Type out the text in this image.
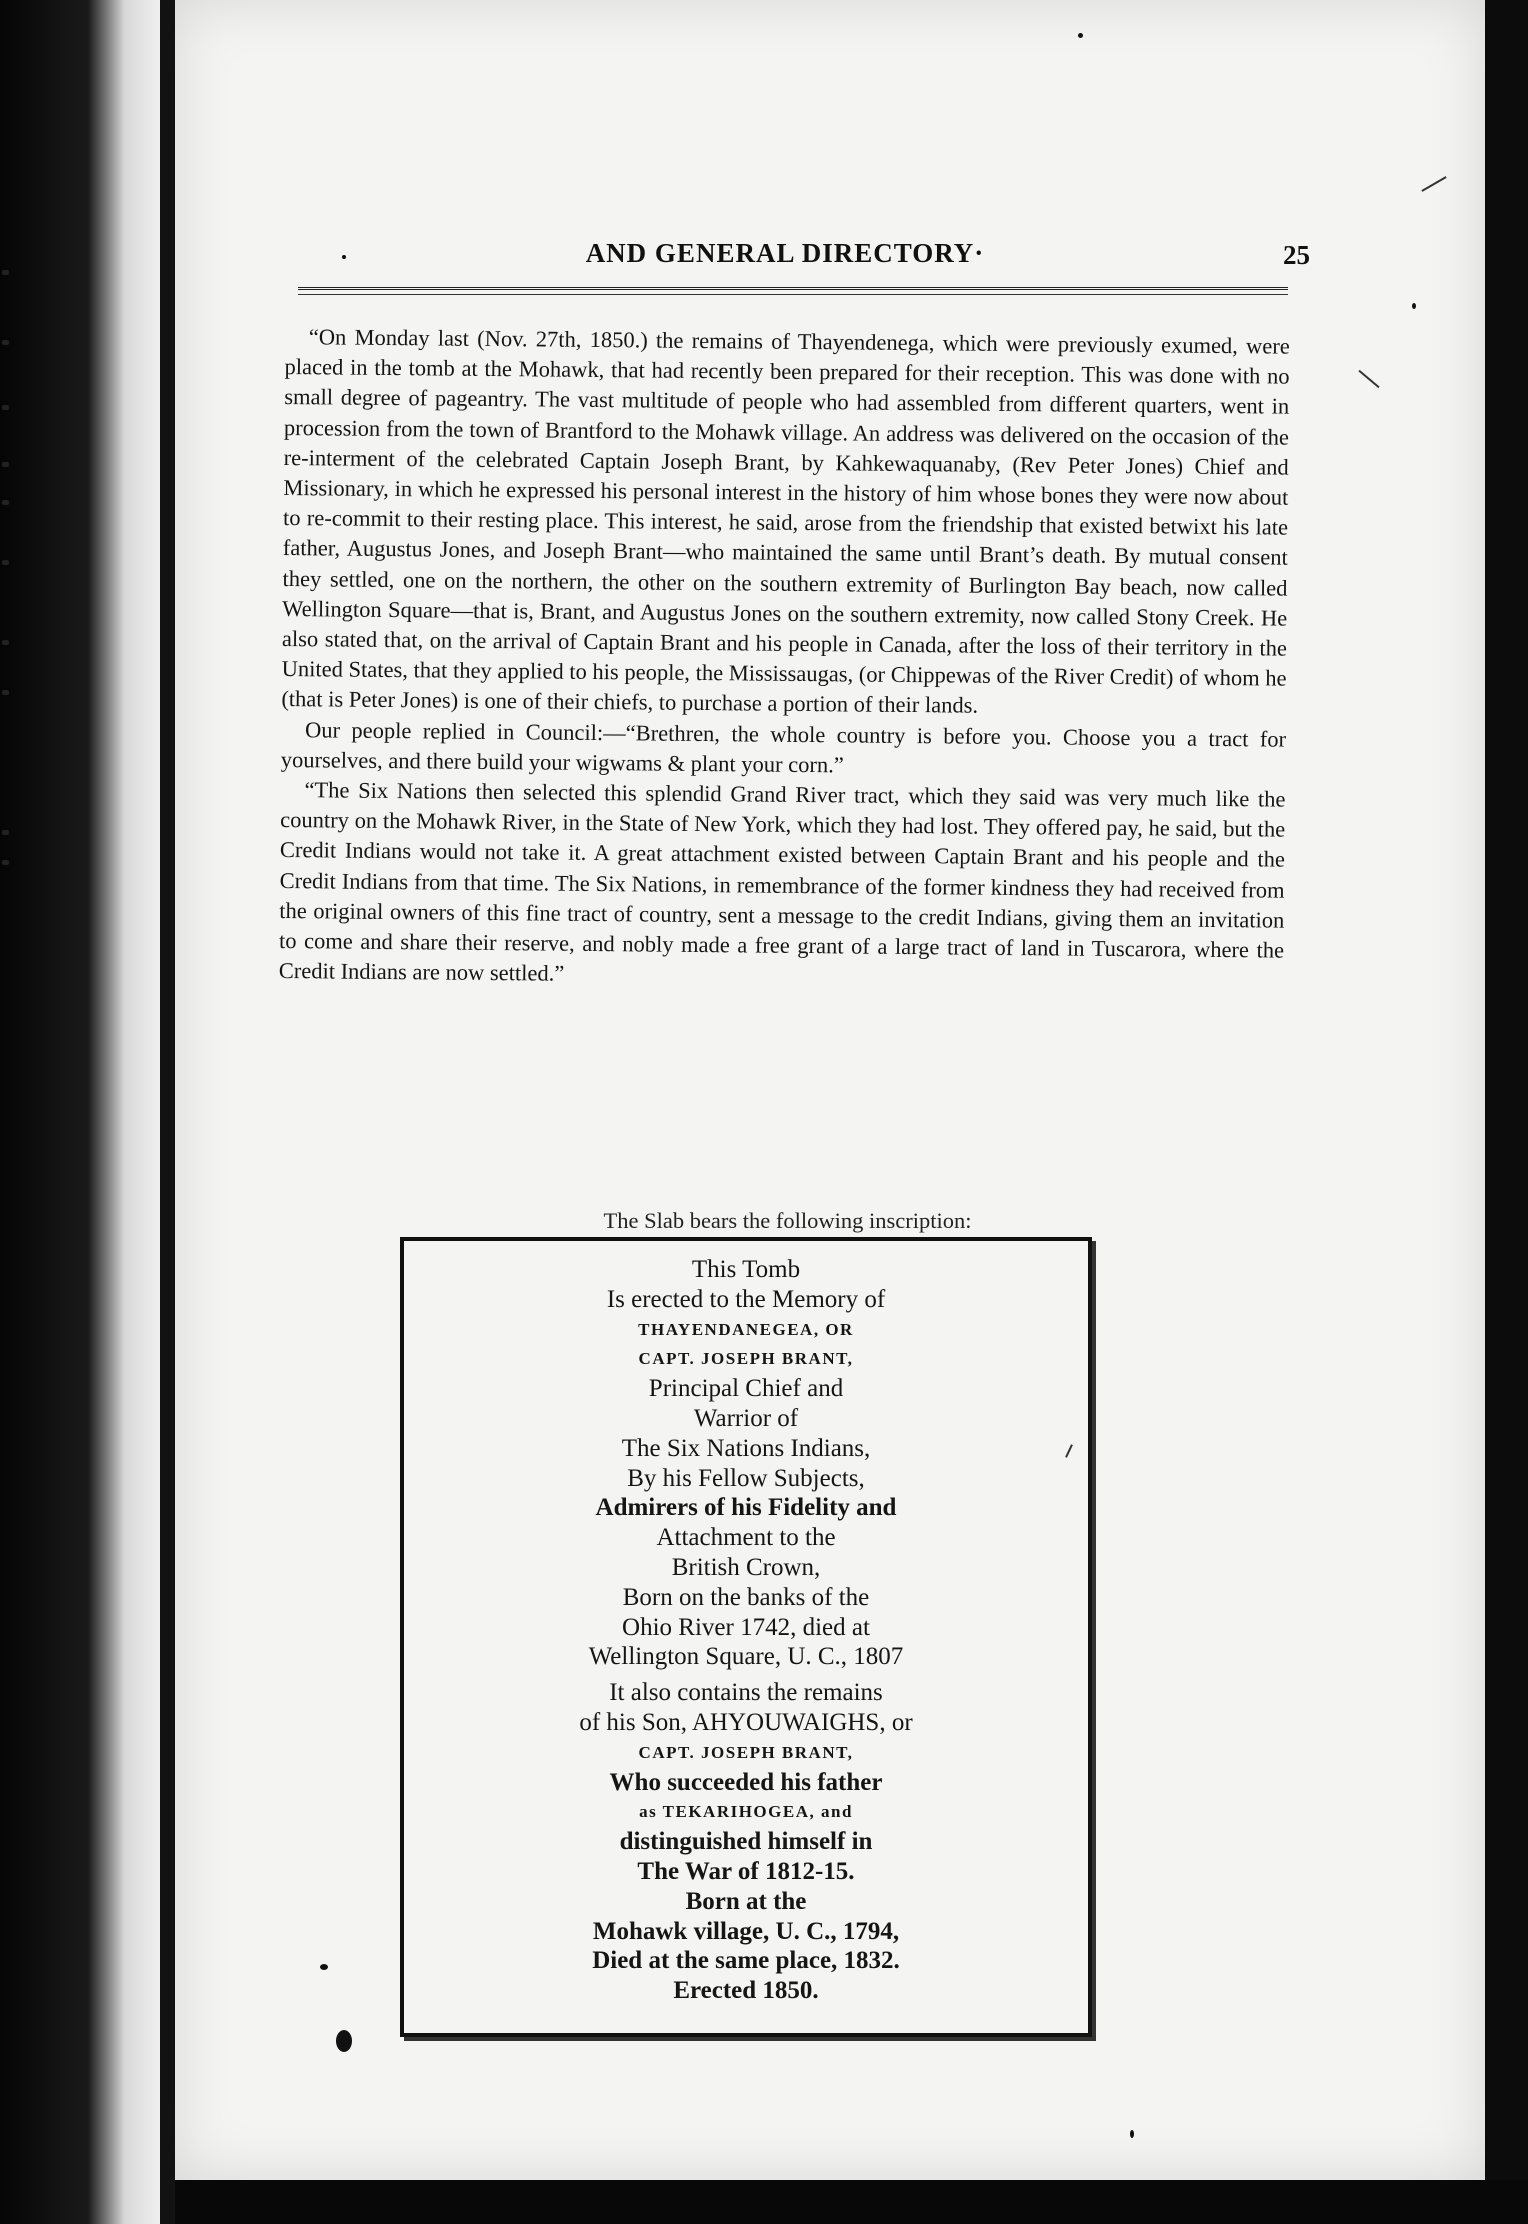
AND GENERAL DIRECTORY·	25

“On Monday last (Nov. 27th, 1850.) the remains of Thayendenega, which were previously exumed, were placed in the tomb at the Mohawk, that had recently been prepared for their reception. This was done with no small degree of pageantry. The vast multitude of people who had assembled from different quarters, went in procession from the town of Brantford to the Mohawk village. An address was delivered on the occasion of the re-interment of the celebrated Captain Joseph Brant, by Kahkewaquanaby, (Rev Peter Jones) Chief and Missionary, in which he expressed his personal interest in the history of him whose bones they were now about to re-commit to their resting place. This interest, he said, arose from the friendship that existed betwixt his late father, Augustus Jones, and Joseph Brant—who maintained the same until Brant’s death. By mutual consent they settled, one on the northern, the other on the southern extremity of Burlington Bay beach, now called Wellington Square—that is, Brant, and Augustus Jones on the southern extremity, now called Stony Creek. He also stated that, on the arrival of Captain Brant and his people in Canada, after the loss of their territory in the United States, that they applied to his people, the Mississaugas, (or Chippewas of the River Credit) of whom he (that is Peter Jones) is one of their chiefs, to purchase a portion of their lands.

Our people replied in Council:—“Brethren, the whole country is before you. Choose you a tract for yourselves, and there build your wigwams & plant your corn.”

“The Six Nations then selected this splendid Grand River tract, which they said was very much like the country on the Mohawk River, in the State of New York, which they had lost. They offered pay, he said, but the Credit Indians would not take it. A great attachment existed between Captain Brant and his people and the Credit Indians from that time. The Six Nations, in remembrance of the former kindness they had received from the original owners of this fine tract of country, sent a message to the credit Indians, giving them an invitation to come and share their reserve, and nobly made a free grant of a large tract of land in Tuscarora, where the Credit Indians are now settled.”

The Slab bears the following inscription:
This Tomb
Is erected to the Memory of
THAYENDANEGEA, OR
CAPT. JOSEPH BRANT,
Principal Chief and
Warrior of
The Six Nations Indians,
By his Fellow Subjects,
Admirers of his Fidelity and
Attachment to the
British Crown,
Born on the banks of the
Ohio River 1742, died at
Wellington Square, U. C., 1807
It also contains the remains
of his Son, AHYOUWAIGHS, or
CAPT. JOSEPH BRANT,
Who succeeded his father
as TEKARIHOGEA, and
distinguished himself in
The War of 1812-15.
Born at the
Mohawk village, U. C., 1794,
Died at the same place, 1832.
Erected 1850.
